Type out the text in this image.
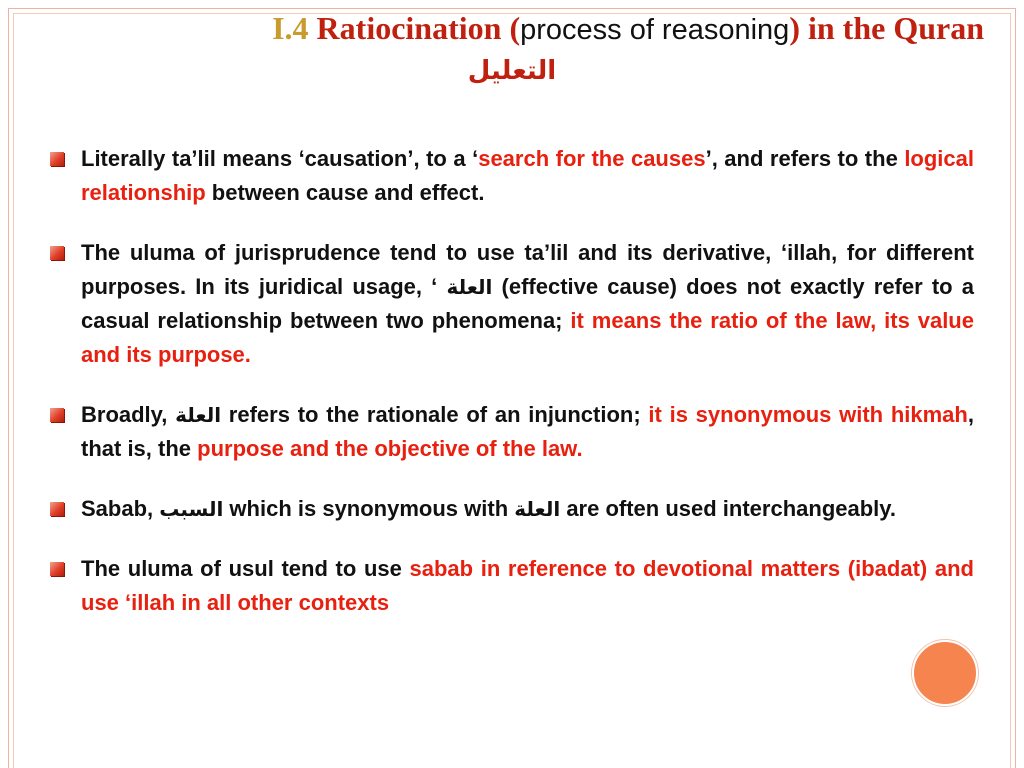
I.4 Ratiocination (process of reasoning) in the Quran
التعليل
Literally ta’lil means ‘causation’, to a ‘search for the causes’, and refers to the logical relationship between cause and effect.
The uluma of jurisprudence tend to use ta’lil and its derivative, ‘illah, for different purposes. In its juridical usage, ‘ العلة (effective cause) does not exactly refer to a casual relationship between two phenomena; it means the ratio of the law, its value and its purpose.
Broadly, العلة refers to the rationale of an injunction; it is synonymous with hikmah, that is, the purpose and the objective of the law.
Sabab, السبب which is synonymous with العلة are often used interchangeably.
The uluma of usul tend to use sabab in reference to devotional matters (ibadat) and use ‘illah in all other contexts
